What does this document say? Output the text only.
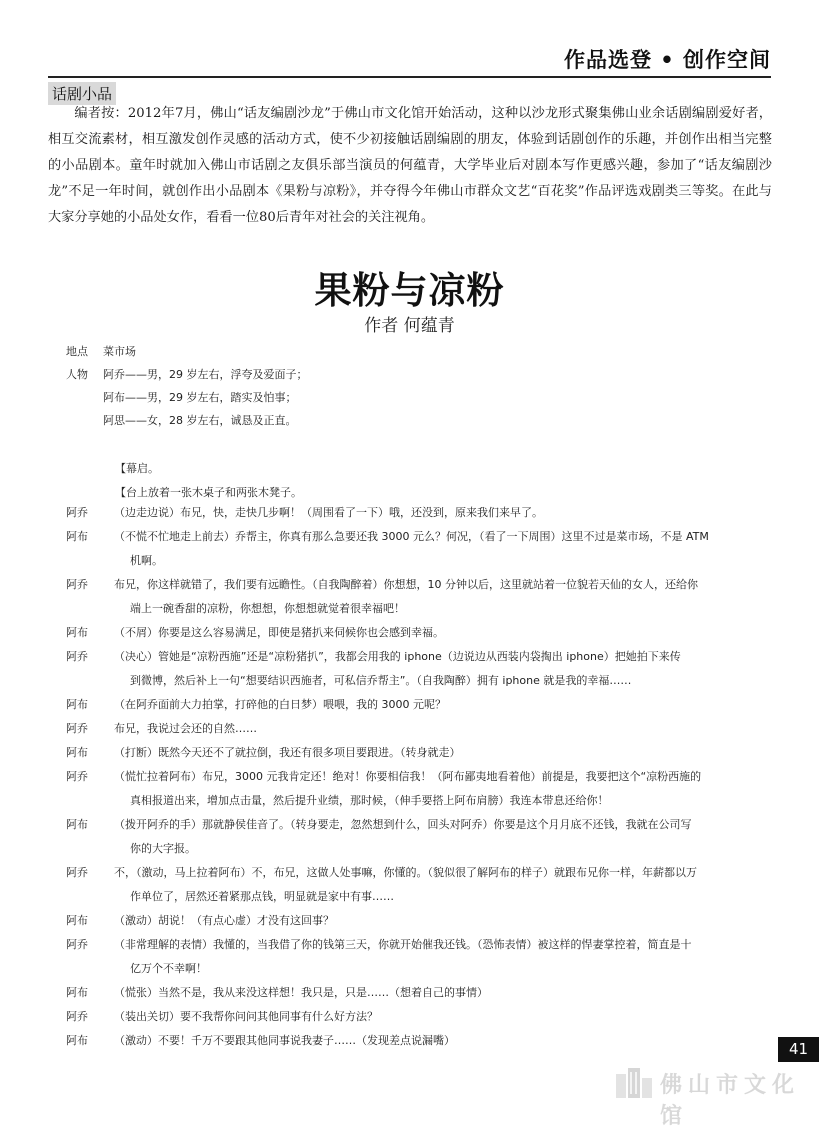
作品选登 • 创作空间
话剧小品

编者按：2012年7月，佛山“话友编剧沙龙”于佛山市文化馆开始活动，这种以沙龙形式聚集佛山业余话剧编剧爱好者，相互交流素材，相互激发创作灵感的活动方式，使不少初接触话剧编剧的朋友，体验到话剧创作的乐趣，并创作出相当完整的小品剧本。童年时就加入佛山市话剧之友俱乐部当演员的何蕴青，大学毕业后对剧本写作更感兴趣，参加了“话友编剧沙龙”不足一年时间，就创作出小品剧本《果粉与凉粉》，并夺得今年佛山市群众文艺“百花奖”作品评选戏剧类三等奖。在此与大家分享她的小品处女作，看看一位80后青年对社会的关注视角。

果粉与凉粉
作者 何蕴青
地点 菜市场
人物 阿乔——男，29 岁左右，浮夸及爱面子；
阿布——男，29 岁左右，踏实及怕事；
阿思——女，28 岁左右，诚恳及正直。
【幕启。
【台上放着一张木桌子和两张木凳子。
阿乔 （边走边说）布兄，快，走快几步啊！（周围看了一下）哦，还没到，原来我们来早了。
阿布 （不慌不忙地走上前去）乔帮主，你真有那么急要还我 3000 元么？何况，（看了一下周围）这里不过是菜市场，不是 ATM
机啊。
阿乔 布兄，你这样就错了，我们要有远瞻性。（自我陶醉着）你想想，10 分钟以后，这里就站着一位貌若天仙的女人，还给你
端上一碗香甜的凉粉，你想想，你想想就觉着很幸福吧！
阿布 （不屑）你要是这么容易满足，即使是猪扒来伺候你也会感到幸福。
阿乔 （决心）管她是“凉粉西施”还是“凉粉猪扒”，我都会用我的 iphone（边说边从西装内袋掏出 iphone）把她拍下来传
到微博，然后补上一句“想要结识西施者，可私信乔帮主”。（自我陶醉）拥有 iphone 就是我的幸福……
阿布 （在阿乔面前大力拍掌，打碎他的白日梦）喂喂，我的 3000 元呢？
阿乔 布兄，我说过会还的自然……
阿布 （打断）既然今天还不了就拉倒，我还有很多项目要跟进。（转身就走）
阿乔 （慌忙拉着阿布）布兄，3000 元我肯定还！绝对！你要相信我！（阿布鄙夷地看着他）前提是，我要把这个“凉粉西施的
真相报道出来，增加点击量，然后提升业绩，那时候，（伸手要搭上阿布肩膀）我连本带息还给你！
阿布 （拨开阿乔的手）那就静侯佳音了。（转身要走，忽然想到什么，回头对阿乔）你要是这个月月底不还钱，我就在公司写
你的大字报。
阿乔 不，（激动，马上拉着阿布）不，布兄，这做人处事嘛，你懂的。（貌似很了解阿布的样子）就跟布兄你一样，年薪都以万
作单位了，居然还着紧那点钱，明显就是家中有事……
阿布 （激动）胡说！（有点心虚）才没有这回事？
阿乔 （非常理解的表情）我懂的，当我借了你的钱第三天，你就开始催我还钱。（恐怖表情）被这样的悍妻掌控着，简直是十
亿万个不幸啊！
阿布 （慌张）当然不是，我从来没这样想！我只是，只是……（想着自己的事情）
阿乔 （装出关切）要不我帮你问问其他同事有什么好方法？
阿布 （激动）不要！千万不要跟其他同事说我妻子……（发现差点说漏嘴）	41
佛山市文化馆
